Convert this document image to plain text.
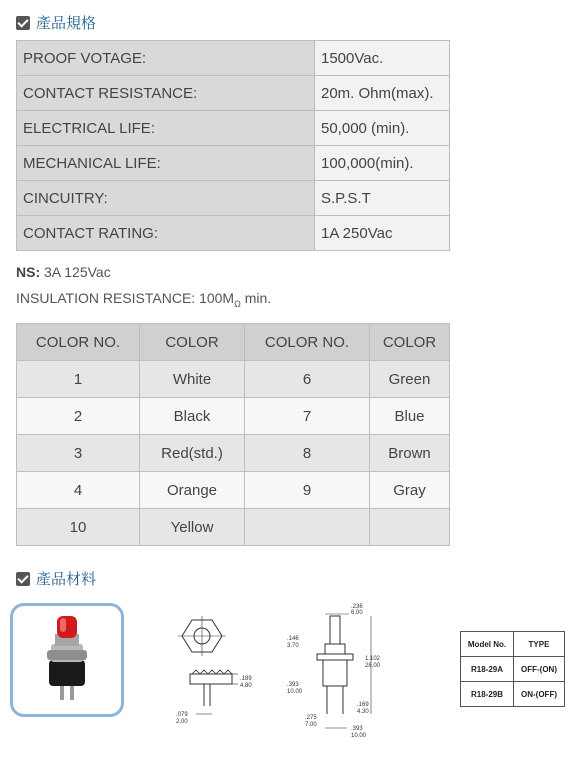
產品規格
PROOF VOTAGE:	1500Vac.
CONTACT RESISTANCE:	20m. Ohm(max).
ELECTRICAL LIFE:	50,000 (min).
MECHANICAL LIFE:	100,000(min).
CINCUITRY:	S.P.S.T
CONTACT RATING:	1A 250Vac
NS: 3A 125Vac
INSULATION RESISTANCE: $100M_\Omega$ min.
COLOR NO.	COLOR	COLOR NO.	COLOR
1	White	6	Green
2	Black	7	Blue
3	Red(std.)	8	Brown
4	Orange	9	Gray
10	Yellow		
產品材料
.189
4.80
.079
2.00
.236
6.00
.146
3.70
1.102
28.00
.393
10.00
.169
4.30
.275
7.00
.393
10.00
Model No.	TYPE
R18-29A	OFF-(ON)
R18-29B	ON-(OFF)
